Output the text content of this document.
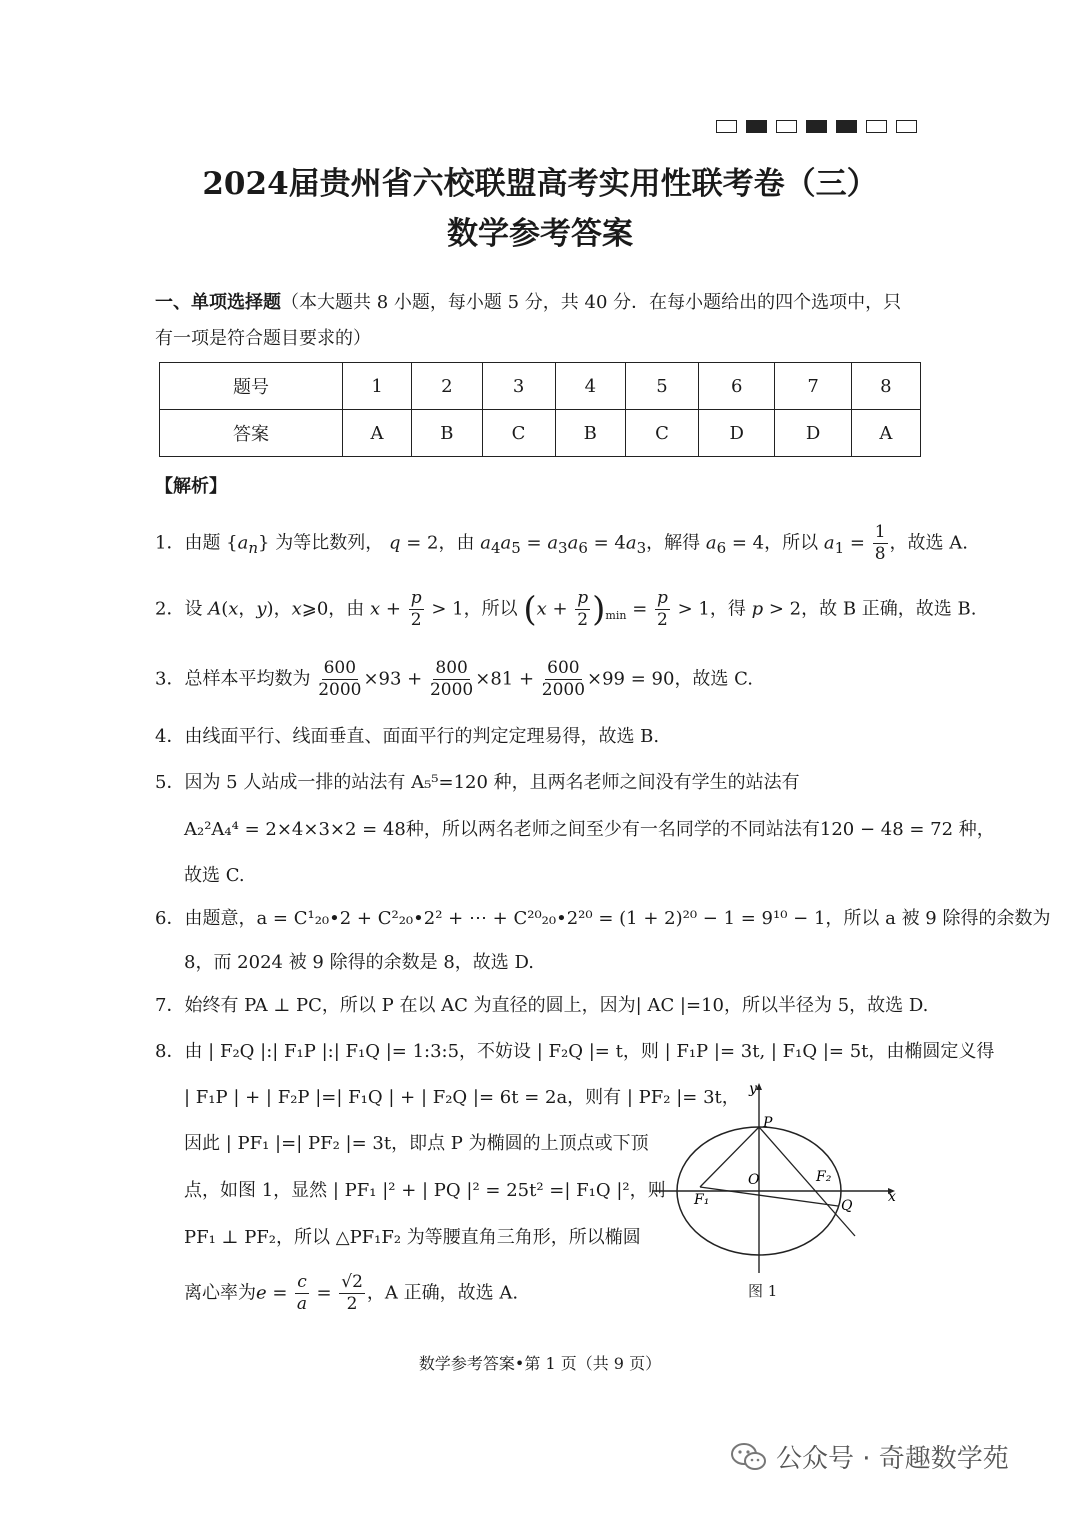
2024届贵州省六校联盟高考实用性联考卷（三）
数学参考答案
一、单项选择题（本大题共 8 小题，每小题 5 分，共 40 分．在每小题给出的四个选项中，只
有一项是符合题目要求的）
题号	1	2	3	4	5	6	7	8
答案	A	B	C	B	C	D	D	A
【解析】
1．由题 $\{a_n\}$ 为等比数列， q = 2，由 $a_4a_5 = a_3a_6 = 4a_3$，解得 $a_6 = 4$，所以 $a_1 = \frac{1}{8}$ ，故选 A.
2．设 A(x，y)，x⩾0，由 $x + \frac{p}{2} > 1$，所以 $(x + \frac{p}{2} )_{min} = \frac{p}{2} > 1$，得 p > 2，故 B 正确，故选 B.
3．总样本平均数为 $\frac{600}{2000} \times 93 + \frac{800}{2000} \times 81 + \frac{600}{2000} \times 99 = 90$，故选 C.
4．由线面平行、线面垂直、面面平行的判定定理易得，故选 B.
5．因为 5 人站成一排的站法有 A₅⁵=120 种，且两名老师之间没有学生的站法有
A₂²A₄⁴ = 2×4×3×2 = 48种，所以两名老师之间至少有一名同学的不同站法有120 − 48 = 72 种，
故选 C.
6．由题意，a = C¹₂₀•2 + C²₂₀•2² + ⋯ + C²⁰₂₀•2²⁰ = (1 + 2)²⁰ − 1 = 9¹⁰ − 1，所以 a 被 9 除得的余数为
8，而 2024 被 9 除得的余数是 8，故选 D.
7．始终有 PA ⊥ PC，所以 P 在以 AC 为直径的圆上，因为| AC |=10，所以半径为 5，故选 D.
8．由 | F₂Q |:| F₁P |:| F₁Q |= 1:3:5，不妨设 | F₂Q |= t，则 | F₁P |= 3t, | F₁Q |= 5t，由椭圆定义得
| F₁P | + | F₂P |=| F₁Q | + | F₂Q |= 6t = 2a，则有 | PF₂ |= 3t，
因此 | PF₁ |=| PF₂ |= 3t，即点 P 为椭圆的上顶点或下顶
点，如图 1，显然 | PF₁ |² + | PQ |² = 25t² =| F₁Q |²，则
PF₁ ⊥ PF₂，所以 △PF₁F₂ 为等腰直角三角形，所以椭圆
离心率为$e = \frac{c}{a} = \frac{√2}{2}$ ，A 正确，故选 A.
y
x
P
O
F₁
F₂
Q
图 1
数学参考答案•第 1 页（共 9 页）
公众号 · 奇趣数学苑
